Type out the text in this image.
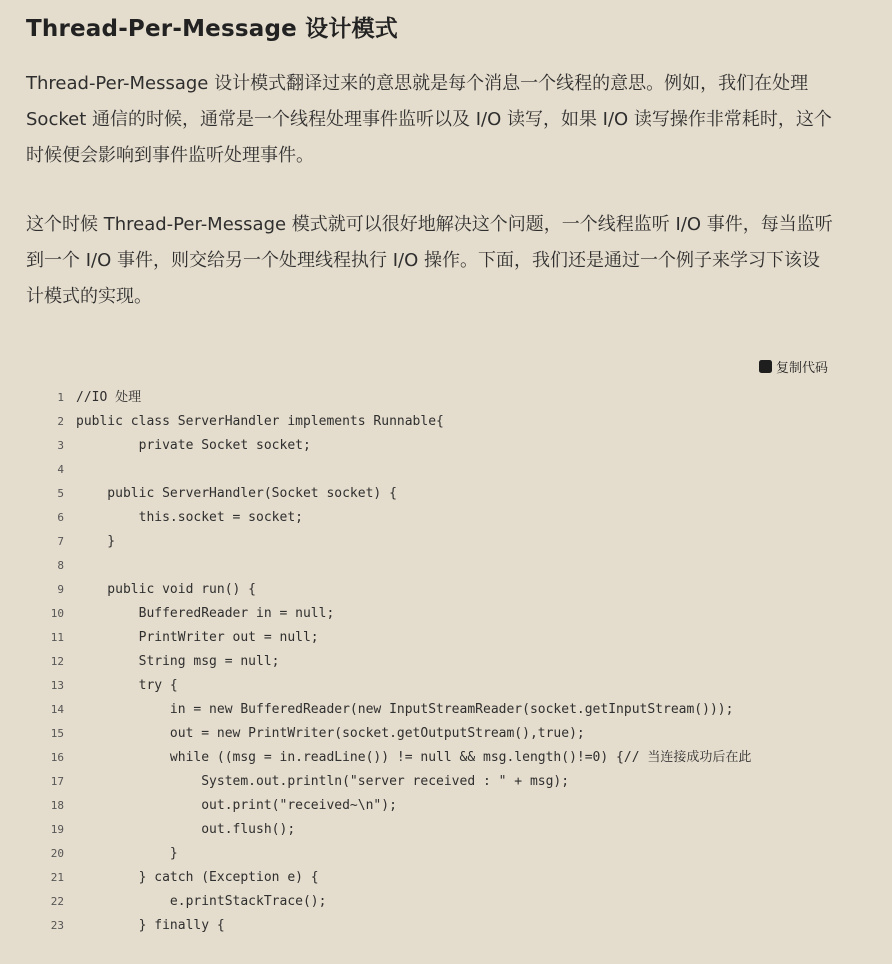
Thread-Per-Message 设计模式

Thread-Per-Message 设计模式翻译过来的意思就是每个消息一个线程的意思。例如，我们在处理 Socket 通信的时候，通常是一个线程处理事件监听以及 I/O 读写，如果 I/O 读写操作非常耗时，这个时候便会影响到事件监听处理事件。

这个时候 Thread-Per-Message 模式就可以很好地解决这个问题，一个线程监听 I/O 事件，每当监听到一个 I/O 事件，则交给另一个处理线程执行 I/O 操作。下面，我们还是通过一个例子来学习下该设计模式的实现。

复制代码
1 //IO 处理
2 public class ServerHandler implements Runnable{
3 private Socket socket;
4
5 public ServerHandler(Socket socket) {
6 this.socket = socket;
7 }
8
9 public void run() {
10 BufferedReader in = null;
11 PrintWriter out = null;
12 String msg = null;
13 try {
14 in = new BufferedReader(new InputStreamReader(socket.getInputStream()));
15 out = new PrintWriter(socket.getOutputStream(),true);
16 while ((msg = in.readLine()) != null && msg.length()!=0) {// 当连接成功后在此
17 System.out.println("server received : " + msg);
18 out.print("received~\n");
19 out.flush();
20 }
21 } catch (Exception e) {
22 e.printStackTrace();
23 } finally {
